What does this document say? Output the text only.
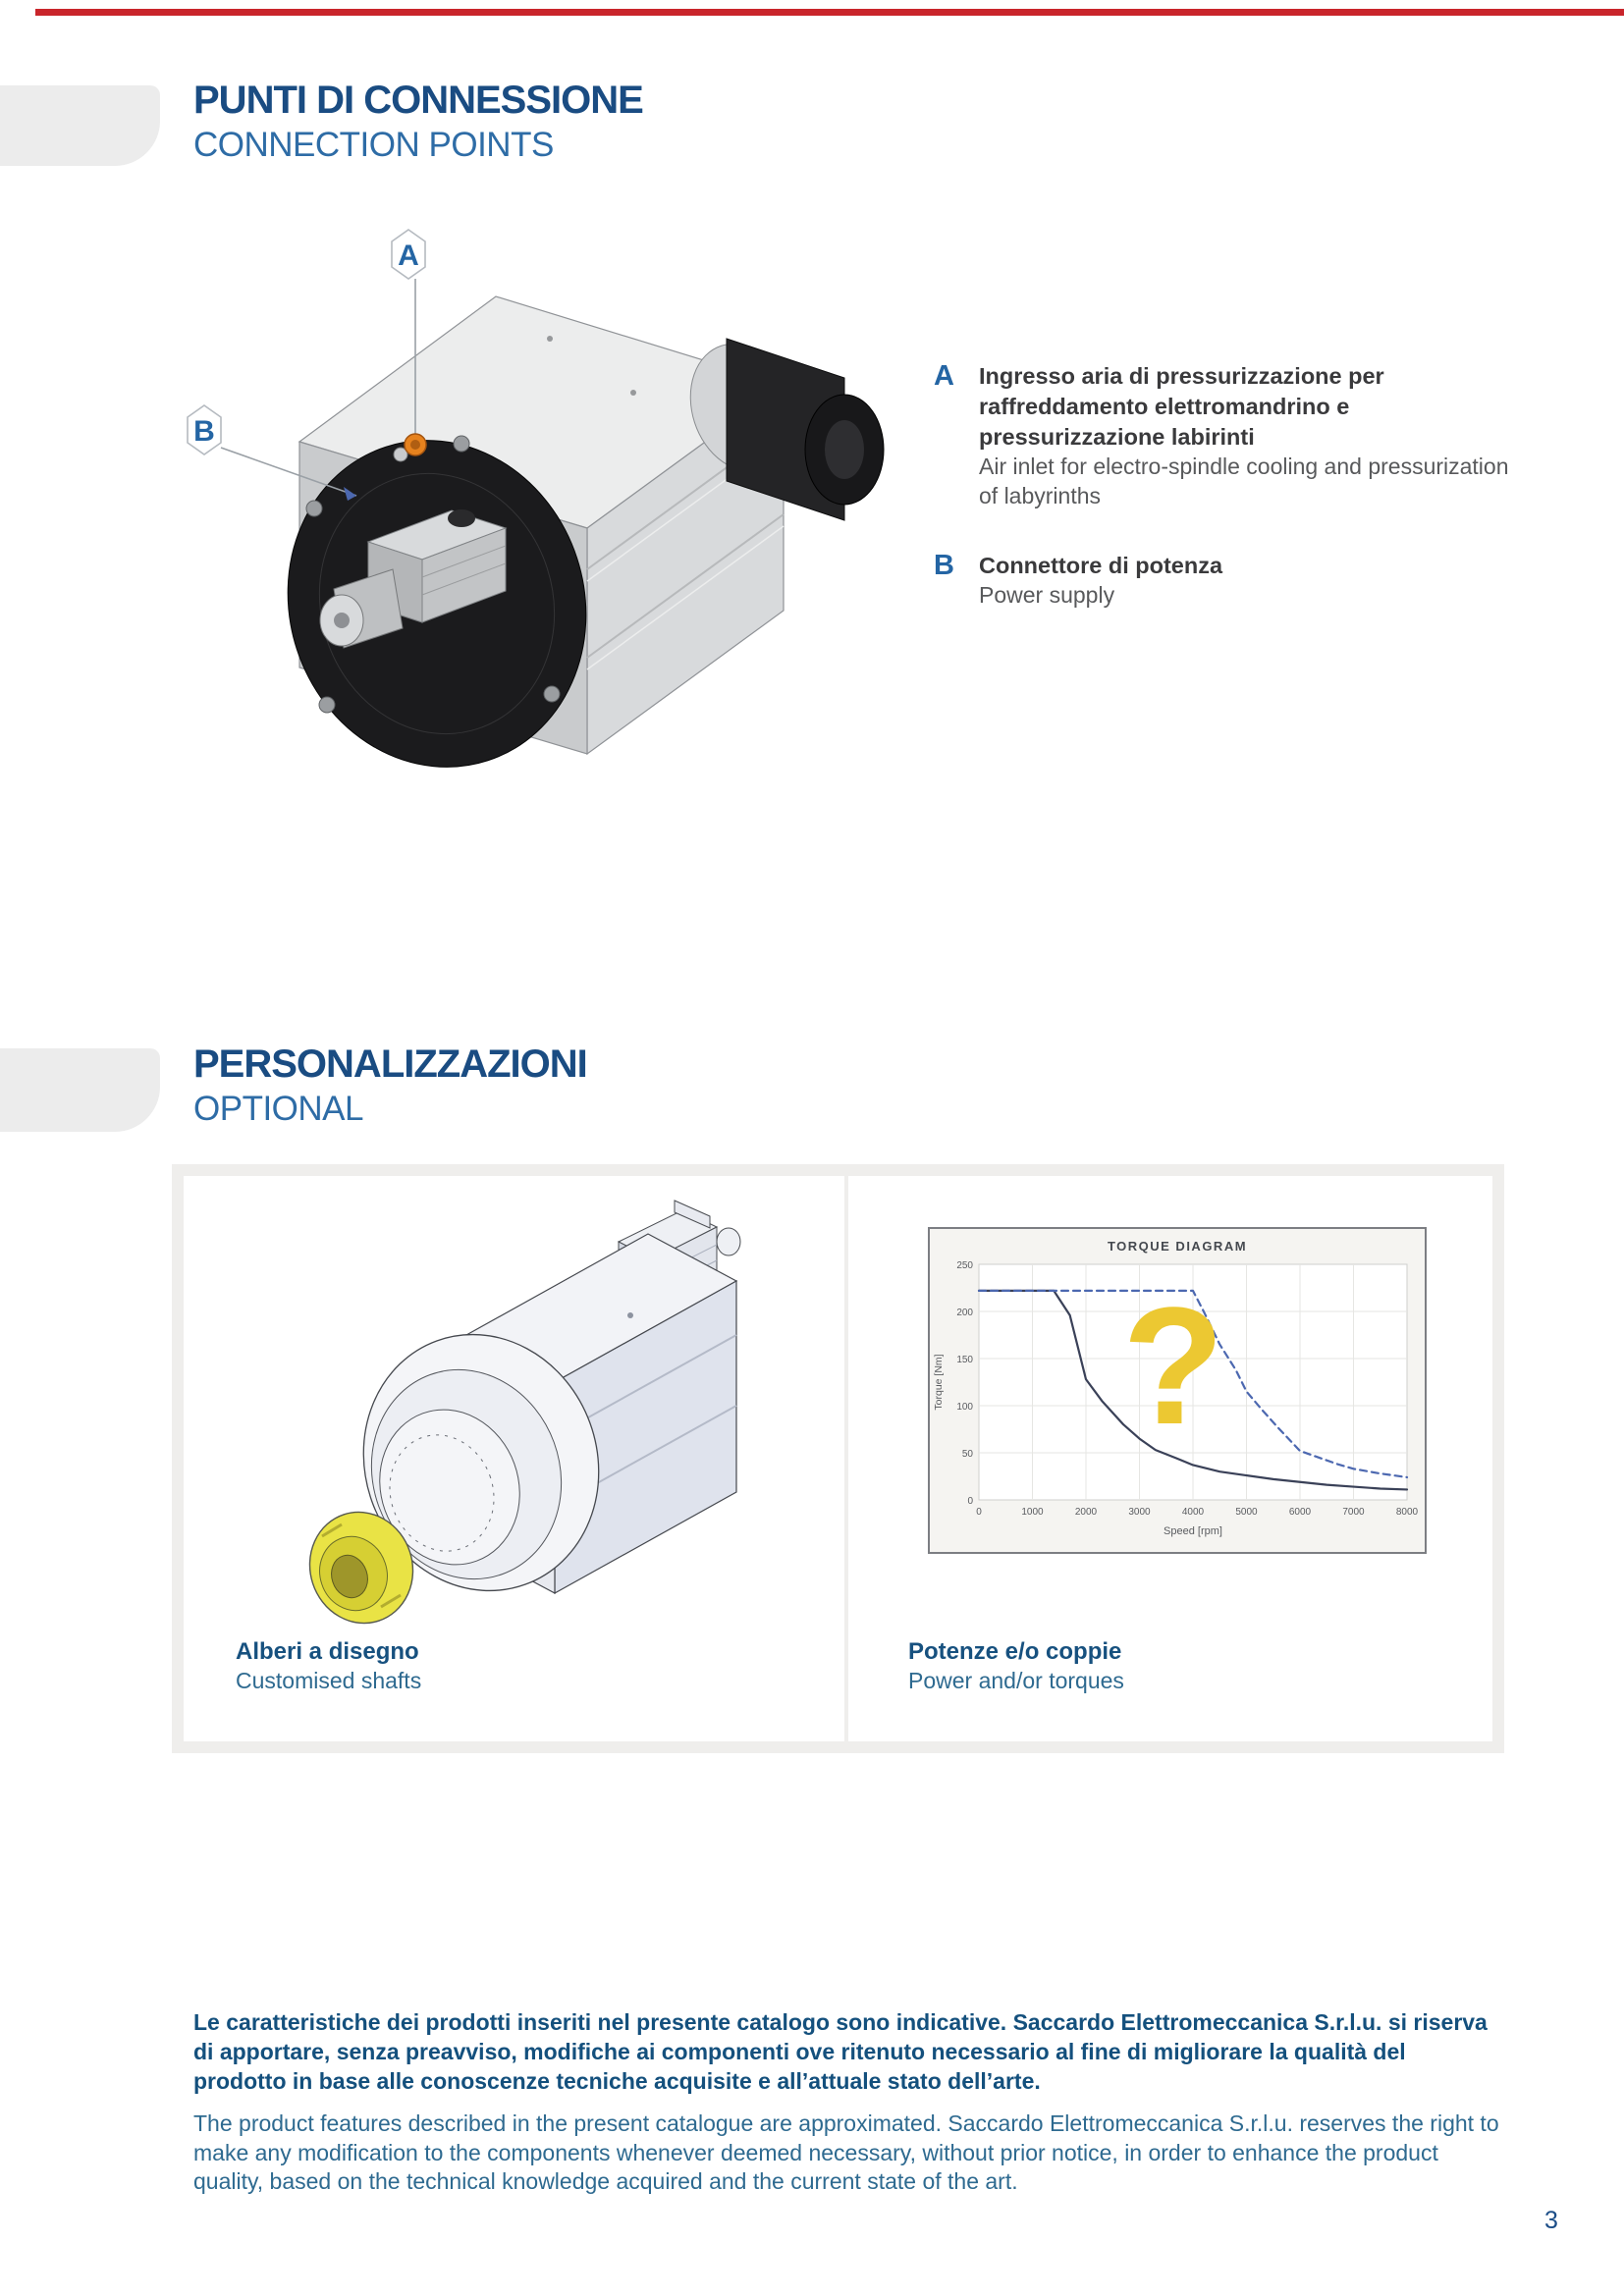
PUNTI DI CONNESSIONE
CONNECTION POINTS
A
B
A Ingresso aria di pressurizzazione per raffreddamento elettromandrino e pressurizzazione labirinti

Air inlet for electro-spindle cooling and pressurization of labyrinths

B Connettore di potenza

Power supply

PERSONALIZZAZIONI
OPTIONAL

Alberi a disegno

Customised shafts

0	1000	2000	3000	4000	5000	6000	7000	8000
0
50
100
150
200
250
?
TORQUE DIAGRAM
Speed [rpm]
Torque [Nm]

Potenze e/o coppie

Power and/or torques

Le caratteristiche dei prodotti inseriti nel presente catalogo sono indicative. Saccardo Elettromeccanica S.r.l.u. si riserva di apportare, senza preavviso, modifiche ai componenti ove ritenuto necessario al fine di migliorare la qualità del prodotto in base alle conoscenze tecniche acquisite e all’attuale stato dell’arte.

The product features described in the present catalogue are approximated. Saccardo Elettromeccanica S.r.l.u. reserves the right to make any modification to the components whenever deemed necessary, without prior notice, in order to enhance the product quality, based on the technical knowledge acquired and the current state of the art.

3
